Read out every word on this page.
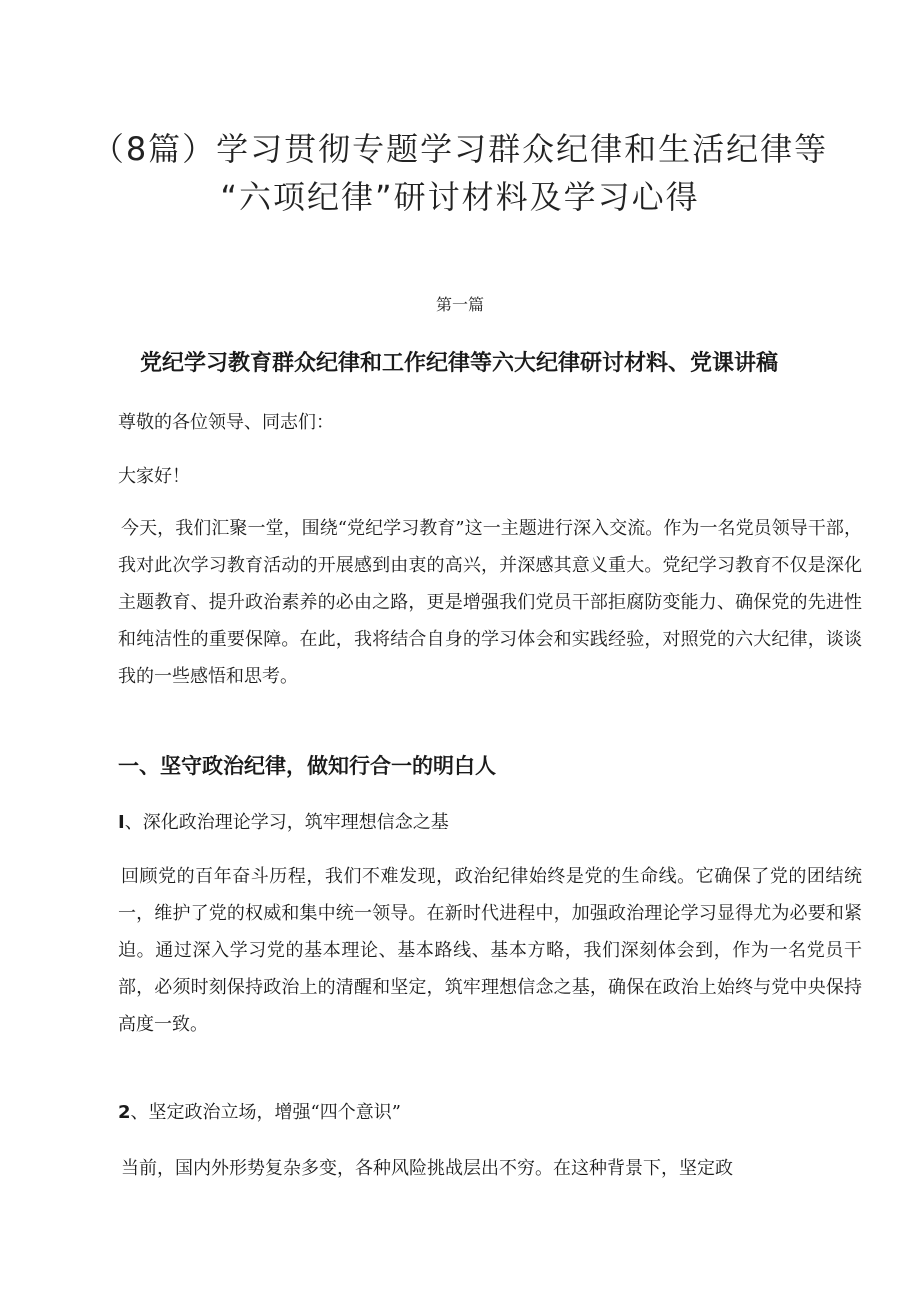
（8篇）学习贯彻专题学习群众纪律和生活纪律等
“六项纪律”研讨材料及学习心得
第一篇
党纪学习教育群众纪律和工作纪律等六大纪律研讨材料、党课讲稿

尊敬的各位领导、同志们：

大家好！

今天，我们汇聚一堂，围绕“党纪学习教育”这一主题进行深入交流。作为一名党员领导干部，我对此次学习教育活动的开展感到由衷的高兴，并深感其意义重大。党纪学习教育不仅是深化主题教育、提升政治素养的必由之路，更是增强我们党员干部拒腐防变能力、确保党的先进性和纯洁性的重要保障。在此，我将结合自身的学习体会和实践经验，对照党的六大纪律，谈谈我的一些感悟和思考。

一、坚守政治纪律，做知行合一的明白人

I、深化政治理论学习，筑牢理想信念之基

回顾党的百年奋斗历程，我们不难发现，政治纪律始终是党的生命线。它确保了党的团结统一，维护了党的权威和集中统一领导。在新时代进程中，加强政治理论学习显得尤为必要和紧迫。通过深入学习党的基本理论、基本路线、基本方略，我们深刻体会到，作为一名党员干部，必须时刻保持政治上的清醒和坚定，筑牢理想信念之基，确保在政治上始终与党中央保持高度一致。

2、坚定政治立场，增强“四个意识”

当前，国内外形势复杂多变，各种风险挑战层出不穷。在这种背景下，坚定政
